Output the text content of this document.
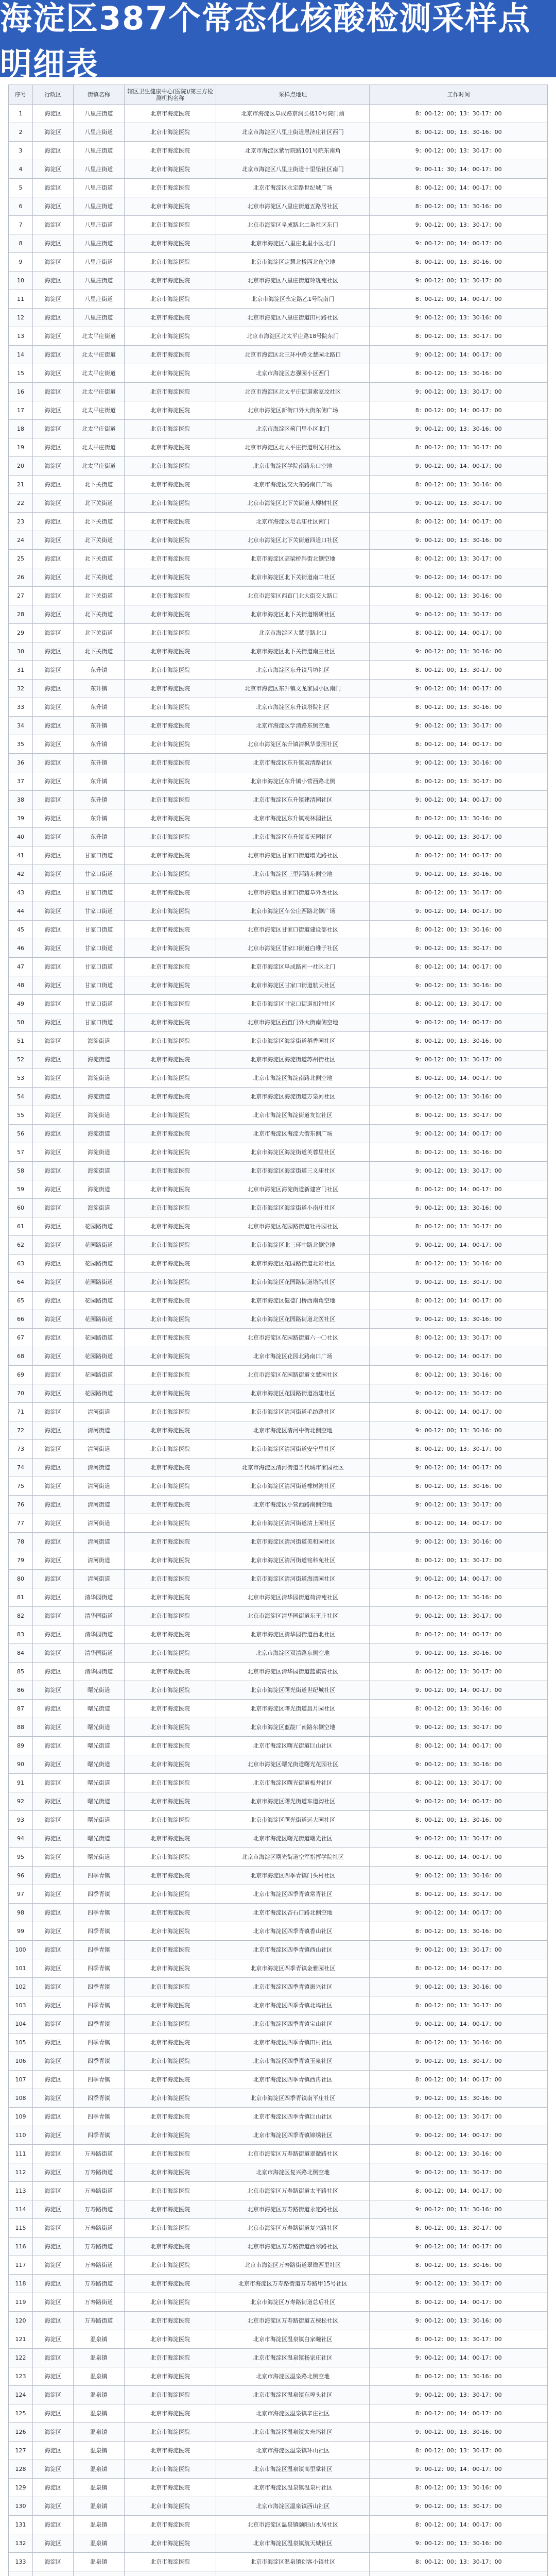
海淀区387个常态化核酸检测采样点明细表
序号	行政区	街镇名称	辖区卫生健康中心(医院)/第三方检测机构名称	采样点地址	工作时间
1	海淀区	八里庄街道	北京市海淀医院	北京市海淀区阜成路京润长楼10号院门前	8：00-12：00；13：30-17：00
2	海淀区	八里庄街道	北京市海淀医院	北京市海淀区八里庄街道恩济庄社区西门	8：00-12：00；13：30-16：00
3	海淀区	八里庄街道	北京市海淀医院	北京市海淀区紫竹院路101号院东南角	9：00-12：00；13：30-17：00
4	海淀区	八里庄街道	北京市海淀医院	北京市海淀区八里庄街道十里堡社区南门	9：00-11：30；14：00-17：00
5	海淀区	八里庄街道	北京市海淀医院	北京市海淀区永定路世纪城广场	8：00-12：00；14：00-17：00
6	海淀区	八里庄街道	北京市海淀医院	北京市海淀区八里庄街道五路居社区	8：00-12：00；13：30-16：00
7	海淀区	八里庄街道	北京市海淀医院	北京市海淀区阜成路北二条社区东门	9：00-12：00；13：30-17：00
8	海淀区	八里庄街道	北京市海淀医院	北京市海淀区八里庄北里小区北门	9：00-12：00；14：00-17：00
9	海淀区	八里庄街道	北京市海淀医院	北京市海淀区定慧北桥西北角空地	8：00-12：00；13：30-16：00
10	海淀区	八里庄街道	北京市海淀医院	北京市海淀区八里庄街道玲珑苑社区	9：00-12：00；13：30-17：00
11	海淀区	八里庄街道	北京市海淀医院	北京市海淀区永定路乙1号院南门	8：00-12：00；14：00-17：00
12	海淀区	八里庄街道	北京市海淀医院	北京市海淀区八里庄街道田村路社区	9：00-12：00；13：30-16：00
13	海淀区	北太平庄街道	北京市海淀医院	北京市海淀区北太平庄路18号院东门	8：00-12：00；13：30-17：00
14	海淀区	北太平庄街道	北京市海淀医院	北京市海淀区北三环中路文慧园北路口	9：00-12：00；14：00-17：00
15	海淀区	北太平庄街道	北京市海淀医院	北京市海淀区志强园小区西门	8：00-12：00；13：30-16：00
16	海淀区	北太平庄街道	北京市海淀医院	北京市海淀区北太平庄街道索家坟社区	9：00-12：00；13：30-17：00
17	海淀区	北太平庄街道	北京市海淀医院	北京市海淀区新街口外大街东侧广场	8：00-12：00；14：00-17：00
18	海淀区	北太平庄街道	北京市海淀医院	北京市海淀区蓟门里小区北门	9：00-12：00；13：30-16：00
19	海淀区	北太平庄街道	北京市海淀医院	北京市海淀区北太平庄街道明光村社区	8：00-12：00；13：30-17：00
20	海淀区	北太平庄街道	北京市海淀医院	北京市海淀区学院南路东口空地	9：00-12：00；14：00-17：00
21	海淀区	北下关街道	北京市海淀医院	北京市海淀区交大东路南口广场	8：00-12：00；13：30-16：00
22	海淀区	北下关街道	北京市海淀医院	北京市海淀区北下关街道大柳树社区	9：00-12：00；13：30-17：00
23	海淀区	北下关街道	北京市海淀医院	北京市海淀区皂君庙社区南门	8：00-12：00；14：00-17：00
24	海淀区	北下关街道	北京市海淀医院	北京市海淀区北下关街道四道口社区	9：00-12：00；13：30-16：00
25	海淀区	北下关街道	北京市海淀医院	北京市海淀区高梁桥斜街北侧空地	8：00-12：00；13：30-17：00
26	海淀区	北下关街道	北京市海淀医院	北京市海淀区北下关街道南二社区	9：00-12：00；14：00-17：00
27	海淀区	北下关街道	北京市海淀医院	北京市海淀区西直门北大街交大路口	8：00-12：00；13：30-16：00
28	海淀区	北下关街道	北京市海淀医院	北京市海淀区北下关街道钢研社区	9：00-12：00；13：30-17：00
29	海淀区	北下关街道	北京市海淀医院	北京市海淀区大慧寺路北口	8：00-12：00；14：00-17：00
30	海淀区	北下关街道	北京市海淀医院	北京市海淀区北下关街道南三社区	9：00-12：00；13：30-16：00
31	海淀区	东升镇	北京市海淀医院	北京市海淀区东升镇马坊社区	8：00-12：00；13：30-17：00
32	海淀区	东升镇	北京市海淀医院	北京市海淀区东升镇文龙家园小区南门	9：00-12：00；14：00-17：00
33	海淀区	东升镇	北京市海淀医院	北京市海淀区东升镇塔院社区	8：00-12：00；13：30-16：00
34	海淀区	东升镇	北京市海淀医院	北京市海淀区学清路东侧空地	9：00-12：00；13：30-17：00
35	海淀区	东升镇	北京市海淀医院	北京市海淀区东升镇清枫华景园社区	8：00-12：00；14：00-17：00
36	海淀区	东升镇	北京市海淀医院	北京市海淀区东升镇双清路社区	9：00-12：00；13：30-16：00
37	海淀区	东升镇	北京市海淀医院	北京市海淀区东升镇小营西路北侧	8：00-12：00；13：30-17：00
38	海淀区	东升镇	北京市海淀医院	北京市海淀区东升镇建清园社区	9：00-12：00；14：00-17：00
39	海淀区	东升镇	北京市海淀医院	北京市海淀区东升镇观林园社区	8：00-12：00；13：30-16：00
40	海淀区	东升镇	北京市海淀医院	北京市海淀区东升镇蓝天园社区	9：00-12：00；13：30-17：00
41	海淀区	甘家口街道	北京市海淀医院	北京市海淀区甘家口街道增光路社区	8：00-12：00；14：00-17：00
42	海淀区	甘家口街道	北京市海淀医院	北京市海淀区三里河路东侧空地	9：00-12：00；13：30-16：00
43	海淀区	甘家口街道	北京市海淀医院	北京市海淀区甘家口街道阜外西社区	8：00-12：00；13：30-17：00
44	海淀区	甘家口街道	北京市海淀医院	北京市海淀区车公庄西路北侧广场	9：00-12：00；14：00-17：00
45	海淀区	甘家口街道	北京市海淀医院	北京市海淀区甘家口街道建设部社区	8：00-12：00；13：30-16：00
46	海淀区	甘家口街道	北京市海淀医院	北京市海淀区甘家口街道白堆子社区	9：00-12：00；13：30-17：00
47	海淀区	甘家口街道	北京市海淀医院	北京市海淀区阜成路南一社区北门	8：00-12：00；14：00-17：00
48	海淀区	甘家口街道	北京市海淀医院	北京市海淀区甘家口街道航天社区	9：00-12：00；13：30-16：00
49	海淀区	甘家口街道	北京市海淀医院	北京市海淀区甘家口街道扣钟社区	8：00-12：00；13：30-17：00
50	海淀区	甘家口街道	北京市海淀医院	北京市海淀区西直门外大街南侧空地	9：00-12：00；14：00-17：00
51	海淀区	海淀街道	北京市海淀医院	北京市海淀区海淀街道稻香园社区	8：00-12：00；13：30-16：00
52	海淀区	海淀街道	北京市海淀医院	北京市海淀区海淀街道苏州街社区	9：00-12：00；13：30-17：00
53	海淀区	海淀街道	北京市海淀医院	北京市海淀区海淀南路北侧空地	8：00-12：00；14：00-17：00
54	海淀区	海淀街道	北京市海淀医院	北京市海淀区海淀街道万泉河社区	9：00-12：00；13：30-16：00
55	海淀区	海淀街道	北京市海淀医院	北京市海淀区海淀街道友谊社区	8：00-12：00；13：30-17：00
56	海淀区	海淀街道	北京市海淀医院	北京市海淀区海淀大街东侧广场	9：00-12：00；14：00-17：00
57	海淀区	海淀街道	北京市海淀医院	北京市海淀区海淀街道芙蓉里社区	8：00-12：00；13：30-16：00
58	海淀区	海淀街道	北京市海淀医院	北京市海淀区海淀街道三义庙社区	9：00-12：00；13：30-17：00
59	海淀区	海淀街道	北京市海淀医院	北京市海淀区海淀街道新建宫门社区	8：00-12：00；14：00-17：00
60	海淀区	海淀街道	北京市海淀医院	北京市海淀区海淀街道小南庄社区	9：00-12：00；13：30-16：00
61	海淀区	花园路街道	北京市海淀医院	北京市海淀区花园路街道牡丹园社区	8：00-12：00；13：30-17：00
62	海淀区	花园路街道	北京市海淀医院	北京市海淀区北三环中路北侧空地	9：00-12：00；14：00-17：00
63	海淀区	花园路街道	北京市海淀医院	北京市海淀区花园路街道北影社区	8：00-12：00；13：30-16：00
64	海淀区	花园路街道	北京市海淀医院	北京市海淀区花园路街道塔院社区	9：00-12：00；13：30-17：00
65	海淀区	花园路街道	北京市海淀医院	北京市海淀区健德门桥西南角空地	8：00-12：00；14：00-17：00
66	海淀区	花园路街道	北京市海淀医院	北京市海淀区花园路街道北医社区	9：00-12：00；13：30-16：00
67	海淀区	花园路街道	北京市海淀医院	北京市海淀区花园路街道六一〇社区	8：00-12：00；13：30-17：00
68	海淀区	花园路街道	北京市海淀医院	北京市海淀区花园北路南口广场	9：00-12：00；14：00-17：00
69	海淀区	花园路街道	北京市海淀医院	北京市海淀区花园路街道文慧园社区	8：00-12：00；13：30-16：00
70	海淀区	花园路街道	北京市海淀医院	北京市海淀区花园路街道冶建社区	9：00-12：00；13：30-17：00
71	海淀区	清河街道	北京市海淀医院	北京市海淀区清河街道毛纺路社区	8：00-12：00；14：00-17：00
72	海淀区	清河街道	北京市海淀医院	北京市海淀区清河中街北侧空地	9：00-12：00；13：30-16：00
73	海淀区	清河街道	北京市海淀医院	北京市海淀区清河街道安宁里社区	8：00-12：00；13：30-17：00
74	海淀区	清河街道	北京市海淀医院	北京市海淀区清河街道当代城市家园社区	9：00-12：00；14：00-17：00
75	海淀区	清河街道	北京市海淀医院	北京市海淀区清河街道橡树湾社区	8：00-12：00；13：30-16：00
76	海淀区	清河街道	北京市海淀医院	北京市海淀区小营西路南侧空地	9：00-12：00；13：30-17：00
77	海淀区	清河街道	北京市海淀医院	北京市海淀区清河街道清上园社区	8：00-12：00；14：00-17：00
78	海淀区	清河街道	北京市海淀医院	北京市海淀区清河街道美和园社区	9：00-12：00；13：30-16：00
79	海淀区	清河街道	北京市海淀医院	北京市海淀区清河街道铭科苑社区	8：00-12：00；13：30-17：00
80	海淀区	清河街道	北京市海淀医院	北京市海淀区清河街道海清园社区	9：00-12：00；14：00-17：00
81	海淀区	清华园街道	北京市海淀医院	北京市海淀区清华园街道荷清苑社区	8：00-12：00；13：30-16：00
82	海淀区	清华园街道	北京市海淀医院	北京市海淀区清华园街道东王庄社区	9：00-12：00；13：30-17：00
83	海淀区	清华园街道	北京市海淀医院	北京市海淀区清华园街道西北社区	8：00-12：00；14：00-17：00
84	海淀区	清华园街道	北京市海淀医院	北京市海淀区双清路东侧空地	9：00-12：00；13：30-16：00
85	海淀区	清华园街道	北京市海淀医院	北京市海淀区清华园街道蓝旗营社区	8：00-12：00；13：30-17：00
86	海淀区	曙光街道	北京市海淀医院	北京市海淀区曙光街道世纪城社区	9：00-12：00；14：00-17：00
87	海淀区	曙光街道	北京市海淀医院	北京市海淀区曙光街道晨月园社区	8：00-12：00；13：30-16：00
88	海淀区	曙光街道	北京市海淀医院	北京市海淀区蓝靛厂南路东侧空地	9：00-12：00；13：30-17：00
89	海淀区	曙光街道	北京市海淀医院	北京市海淀区曙光街道巨山社区	8：00-12：00；14：00-17：00
90	海淀区	曙光街道	北京市海淀医院	北京市海淀区曙光街道曙光花园社区	9：00-12：00；13：30-16：00
91	海淀区	曙光街道	北京市海淀医院	北京市海淀区曙光街道板井社区	8：00-12：00；13：30-17：00
92	海淀区	曙光街道	北京市海淀医院	北京市海淀区曙光街道车道沟社区	9：00-12：00；14：00-17：00
93	海淀区	曙光街道	北京市海淀医院	北京市海淀区曙光街道远大园社区	8：00-12：00；13：30-16：00
94	海淀区	曙光街道	北京市海淀医院	北京市海淀区曙光街道曙光社区	9：00-12：00；13：30-17：00
95	海淀区	曙光街道	北京市海淀医院	北京市海淀区曙光街道空军指挥学院社区	8：00-12：00；14：00-17：00
96	海淀区	四季青镇	北京市海淀医院	北京市海淀区四季青镇门头村社区	9：00-12：00；13：30-16：00
97	海淀区	四季青镇	北京市海淀医院	北京市海淀区四季青镇常青社区	8：00-12：00；13：30-17：00
98	海淀区	四季青镇	北京市海淀医院	北京市海淀区杏石口路北侧空地	9：00-12：00；14：00-17：00
99	海淀区	四季青镇	北京市海淀医院	北京市海淀区四季青镇香山社区	8：00-12：00；13：30-16：00
100	海淀区	四季青镇	北京市海淀医院	北京市海淀区四季青镇西山社区	9：00-12：00；13：30-17：00
101	海淀区	四季青镇	北京市海淀医院	北京市海淀区四季青镇金雅园社区	8：00-12：00；14：00-17：00
102	海淀区	四季青镇	北京市海淀医院	北京市海淀区四季青镇振兴社区	9：00-12：00；13：30-16：00
103	海淀区	四季青镇	北京市海淀医院	北京市海淀区四季青镇北坞社区	8：00-12：00；13：30-17：00
104	海淀区	四季青镇	北京市海淀医院	北京市海淀区四季青镇宝山社区	9：00-12：00；14：00-17：00
105	海淀区	四季青镇	北京市海淀医院	北京市海淀区四季青镇田村社区	8：00-12：00；13：30-16：00
106	海淀区	四季青镇	北京市海淀医院	北京市海淀区四季青镇玉泉社区	9：00-12：00；13：30-17：00
107	海淀区	四季青镇	北京市海淀医院	北京市海淀区四季青镇西冉社区	8：00-12：00；14：00-17：00
108	海淀区	四季青镇	北京市海淀医院	北京市海淀区四季青镇南平庄社区	9：00-12：00；13：30-16：00
109	海淀区	四季青镇	北京市海淀医院	北京市海淀区四季青镇巨山社区	8：00-12：00；13：30-17：00
110	海淀区	四季青镇	北京市海淀医院	北京市海淀区四季青镇锦绣社区	9：00-12：00；14：00-17：00
111	海淀区	万寿路街道	北京市海淀医院	北京市海淀区万寿路街道翠微路社区	8：00-12：00；13：30-16：00
112	海淀区	万寿路街道	北京市海淀医院	北京市海淀区复兴路北侧空地	9：00-12：00；13：30-17：00
113	海淀区	万寿路街道	北京市海淀医院	北京市海淀区万寿路街道太平路社区	8：00-12：00；14：00-17：00
114	海淀区	万寿路街道	北京市海淀医院	北京市海淀区万寿路街道永定路社区	9：00-12：00；13：30-16：00
115	海淀区	万寿路街道	北京市海淀医院	北京市海淀区万寿路街道复兴路社区	8：00-12：00；13：30-17：00
116	海淀区	万寿路街道	北京市海淀医院	北京市海淀区万寿路街道西翠路社区	9：00-12：00；14：00-17：00
117	海淀区	万寿路街道	北京市海淀医院	北京市海淀区万寿路街道翠微西里社区	8：00-12：00；13：30-16：00
118	海淀区	万寿路街道	北京市海淀医院	北京市海淀区万寿路街道万寿路甲15号社区	9：00-12：00；13：30-17：00
119	海淀区	万寿路街道	北京市海淀医院	北京市海淀区万寿路街道总后社区	8：00-12：00；14：00-17：00
120	海淀区	万寿路街道	北京市海淀医院	北京市海淀区万寿路街道五棵松社区	9：00-12：00；13：30-16：00
121	海淀区	温泉镇	北京市海淀医院	北京市海淀区温泉镇白家疃社区	8：00-12：00；13：30-17：00
122	海淀区	温泉镇	北京市海淀医院	北京市海淀区温泉镇杨家庄社区	9：00-12：00；14：00-17：00
123	海淀区	温泉镇	北京市海淀医院	北京市海淀区温泉路北侧空地	8：00-12：00；13：30-16：00
124	海淀区	温泉镇	北京市海淀医院	北京市海淀区温泉镇东埠头社区	9：00-12：00；13：30-17：00
125	海淀区	温泉镇	北京市海淀医院	北京市海淀区温泉镇辛庄社区	8：00-12：00；14：00-17：00
126	海淀区	温泉镇	北京市海淀医院	北京市海淀区温泉镇太舟坞社区	9：00-12：00；13：30-16：00
127	海淀区	温泉镇	北京市海淀医院	北京市海淀区温泉镇环山社区	8：00-12：00；13：30-17：00
128	海淀区	温泉镇	北京市海淀医院	北京市海淀区温泉镇高里掌社区	9：00-12：00；14：00-17：00
129	海淀区	温泉镇	北京市海淀医院	北京市海淀区温泉镇温泉村社区	8：00-12：00；13：30-16：00
130	海淀区	温泉镇	北京市海淀医院	北京市海淀区温泉镇西山社区	9：00-12：00；13：30-17：00
131	海淀区	温泉镇	北京市海淀医院	北京市海淀区温泉镇颐阳山水居社区	8：00-12：00；14：00-17：00
132	海淀区	温泉镇	北京市海淀医院	北京市海淀区温泉镇航天城社区	9：00-12：00；13：30-16：00
133	海淀区	温泉镇	北京市海淀医院	北京市海淀区温泉镇创客小镇社区	8：00-12：00；13：30-17：00
